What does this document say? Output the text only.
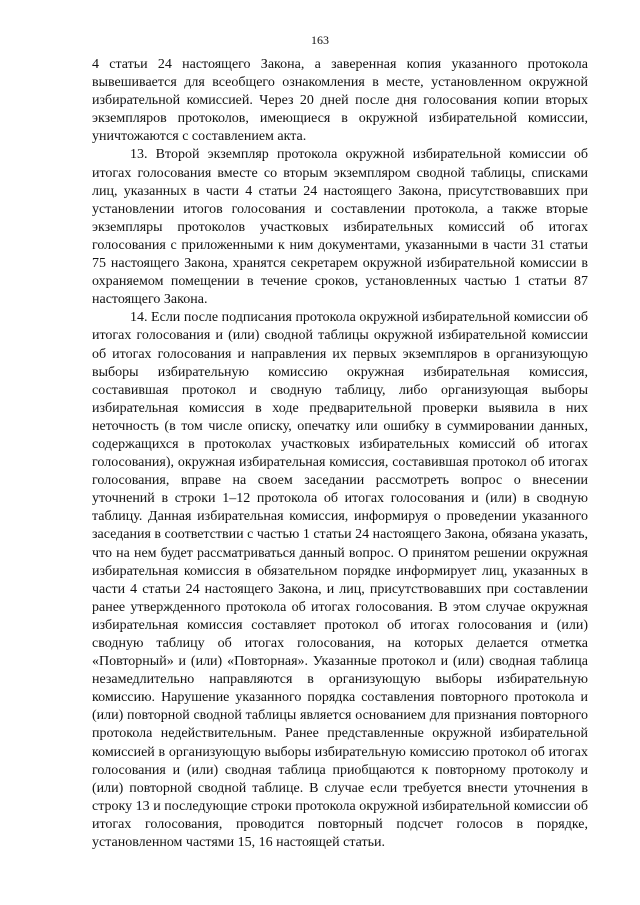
163

4 статьи 24 настоящего Закона, а заверенная копия указанного протокола вывешивается для всеобщего ознакомления в месте, установленном окружной избирательной комиссией. Через 20 дней после дня голосования копии вторых экземпляров протоколов, имеющиеся в окружной избирательной комиссии, уничтожаются с составлением акта.

13. Второй экземпляр протокола окружной избирательной комиссии об итогах голосования вместе со вторым экземпляром сводной таблицы, списками лиц, указанных в части 4 статьи 24 настоящего Закона, присутствовавших при установлении итогов голосования и составлении протокола, а также вторые экземпляры протоколов участковых избирательных комиссий об итогах голосования с приложенными к ним документами, указанными в части 31 статьи 75 настоящего Закона, хранятся секретарем окружной избирательной комиссии в охраняемом помещении в течение сроков, установленных частью 1 статьи 87 настоящего Закона.

14. Если после подписания протокола окружной избирательной комиссии об итогах голосования и (или) сводной таблицы окружной избирательной комиссии об итогах голосования и направления их первых экземпляров в организующую выборы избирательную комиссию окружная избирательная комиссия, составившая протокол и сводную таблицу, либо организующая выборы избирательная комиссия в ходе предварительной проверки выявила в них неточность (в том числе описку, опечатку или ошибку в суммировании данных, содержащихся в протоколах участковых избирательных комиссий об итогах голосования), окружная избирательная комиссия, составившая протокол об итогах голосования, вправе на своем заседании рассмотреть вопрос о внесении уточнений в строки 1–12 протокола об итогах голосования и (или) в сводную таблицу. Данная избирательная комиссия, информируя о проведении указанного заседания в соответствии с частью 1 статьи 24 настоящего Закона, обязана указать, что на нем будет рассматриваться данный вопрос. О принятом решении окружная избирательная комиссия в обязательном порядке информирует лиц, указанных в части 4 статьи 24 настоящего Закона, и лиц, присутствовавших при составлении ранее утвержденного протокола об итогах голосования. В этом случае окружная избирательная комиссия составляет протокол об итогах голосования и (или) сводную таблицу об итогах голосования, на которых делается отметка «Повторный» и (или) «Повторная». Указанные протокол и (или) сводная таблица незамедлительно направляются в организующую выборы избирательную комиссию. Нарушение указанного порядка составления повторного протокола и (или) повторной сводной таблицы является основанием для признания повторного протокола недействительным. Ранее представленные окружной избирательной комиссией в организующую выборы избирательную комиссию протокол об итогах голосования и (или) сводная таблица приобщаются к повторному протоколу и (или) повторной сводной таблице. В случае если требуется внести уточнения в строку 13 и последующие строки протокола окружной избирательной комиссии об итогах голосования, проводится повторный подсчет голосов в порядке, установленном частями 15, 16 настоящей статьи.
